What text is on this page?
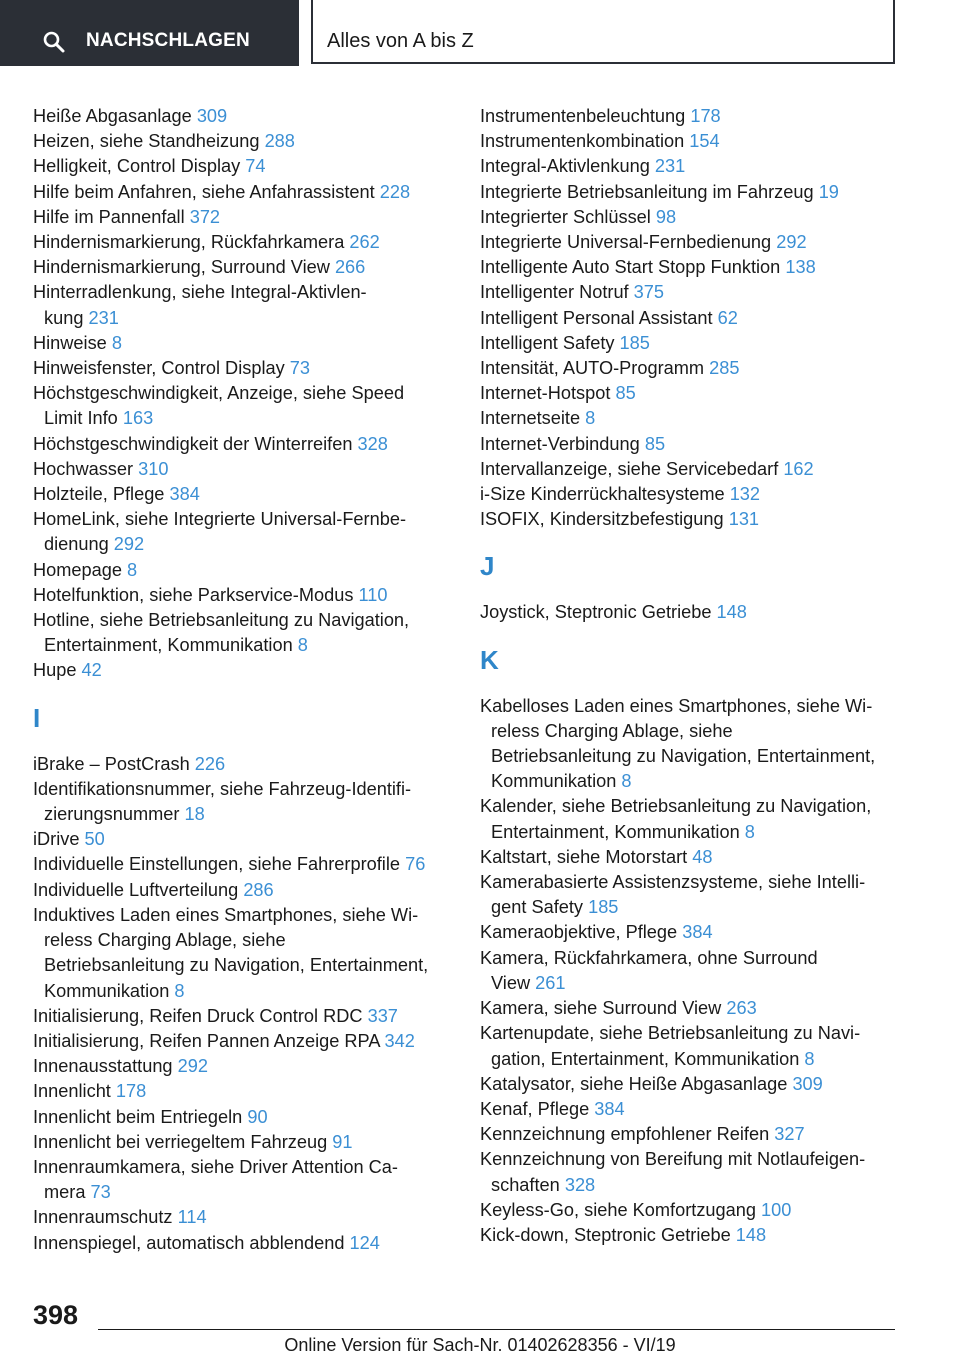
NACHSCHLAGEN	Alles von A bis Z
Heiße Abgasanlage 309
Heizen, siehe Standheizung 288
Helligkeit, Control Display 74
Hilfe beim Anfahren, siehe Anfahrassistent 228
Hilfe im Pannenfall 372
Hindernismarkierung, Rückfahrkamera 262
Hindernismarkierung, Surround View 266
Hinterradlenkung, siehe Integral-Aktivlen-
kung 231
Hinweise 8
Hinweisfenster, Control Display 73
Höchstgeschwindigkeit, Anzeige, siehe Speed
Limit Info 163
Höchstgeschwindigkeit der Winterreifen 328
Hochwasser 310
Holzteile, Pflege 384
HomeLink, siehe Integrierte Universal-Fernbe-
dienung 292
Homepage 8
Hotelfunktion, siehe Parkservice-Modus 110
Hotline, siehe Betriebsanleitung zu Navigation,
Entertainment, Kommunikation 8
Hupe 42
I
iBrake – PostCrash 226
Identifikationsnummer, siehe Fahrzeug-Identifi-
zierungsnummer 18
iDrive 50
Individuelle Einstellungen, siehe Fahrerprofile 76
Individuelle Luftverteilung 286
Induktives Laden eines Smartphones, siehe Wi-
reless Charging Ablage, siehe
Betriebsanleitung zu Navigation, Entertainment,
Kommunikation 8
Initialisierung, Reifen Druck Control RDC 337
Initialisierung, Reifen Pannen Anzeige RPA 342
Innenausstattung 292
Innenlicht 178
Innenlicht beim Entriegeln 90
Innenlicht bei verriegeltem Fahrzeug 91
Innenraumkamera, siehe Driver Attention Ca-
mera 73
Innenraumschutz 114
Innenspiegel, automatisch abblendend 124
Instrumentenbeleuchtung 178
Instrumentenkombination 154
Integral-Aktivlenkung 231
Integrierte Betriebsanleitung im Fahrzeug 19
Integrierter Schlüssel 98
Integrierte Universal-Fernbedienung 292
Intelligente Auto Start Stopp Funktion 138
Intelligenter Notruf 375
Intelligent Personal Assistant 62
Intelligent Safety 185
Intensität, AUTO-Programm 285
Internet-Hotspot 85
Internetseite 8
Internet-Verbindung 85
Intervallanzeige, siehe Servicebedarf 162
i-Size Kinderrückhaltesysteme 132
ISOFIX, Kindersitzbefestigung 131
J
Joystick, Steptronic Getriebe 148
K
Kabelloses Laden eines Smartphones, siehe Wi-
reless Charging Ablage, siehe
Betriebsanleitung zu Navigation, Entertainment,
Kommunikation 8
Kalender, siehe Betriebsanleitung zu Navigation,
Entertainment, Kommunikation 8
Kaltstart, siehe Motorstart 48
Kamerabasierte Assistenzsysteme, siehe Intelli-
gent Safety 185
Kameraobjektive, Pflege 384
Kamera, Rückfahrkamera, ohne Surround
View 261
Kamera, siehe Surround View 263
Kartenupdate, siehe Betriebsanleitung zu Navi-
gation, Entertainment, Kommunikation 8
Katalysator, siehe Heiße Abgasanlage 309
Kenaf, Pflege 384
Kennzeichnung empfohlener Reifen 327
Kennzeichnung von Bereifung mit Notlaufeigen-
schaften 328
Keyless-Go, siehe Komfortzugang 100
Kick-down, Steptronic Getriebe 148
398
Online Version für Sach-Nr. 01402628356 - VI/19
